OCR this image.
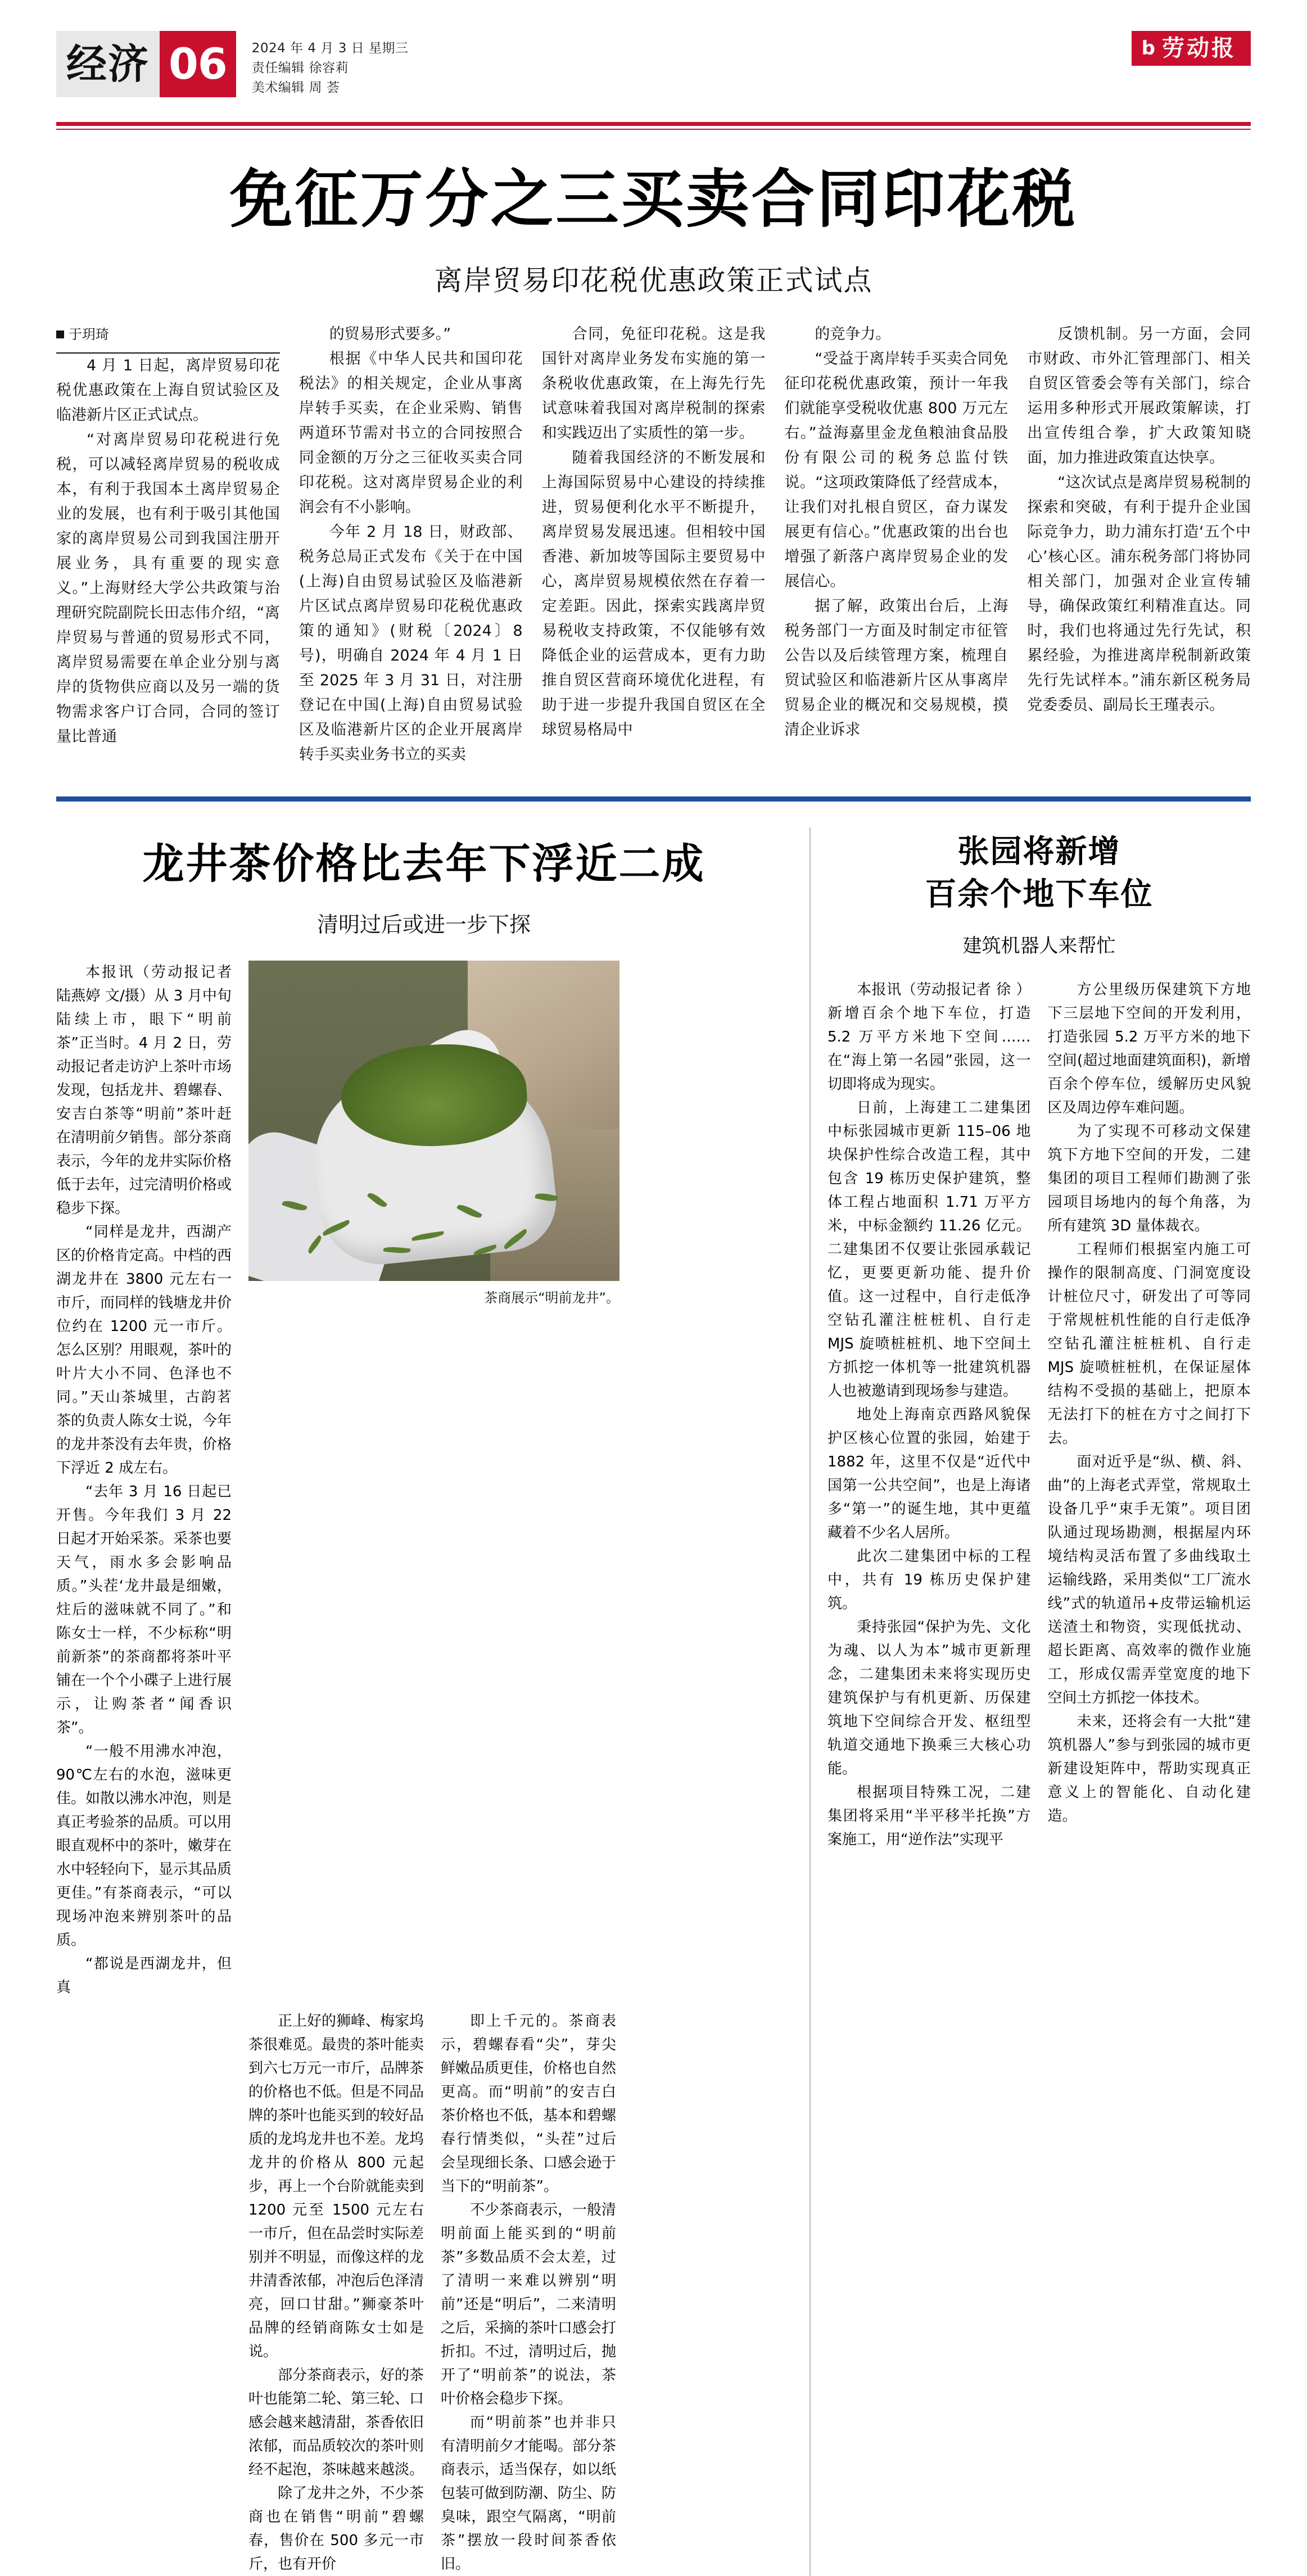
经济 06	2024 年 4 月 3 日 星期三
责任编辑 徐容莉
美术编辑 周 荟
b 劳动报
免征万分之三买卖合同印花税
离岸贸易印花税优惠政策正式试点
于玥琦

4 月 1 日起，离岸贸易印花税优惠政策在上海自贸试验区及临港新片区正式试点。

“对离岸贸易印花税进行免税，可以减轻离岸贸易的税收成本，有利于我国本土离岸贸易企业的发展，也有利于吸引其他国家的离岸贸易公司到我国注册开展业务，具有重要的现实意义。”上海财经大学公共政策与治理研究院副院长田志伟介绍，“离岸贸易与普通的贸易形式不同，离岸贸易需要在单企业分别与离岸的货物供应商以及另一端的货物需求客户订合同，合同的签订量比普通

的贸易形式要多。”

根据《中华人民共和国印花税法》的相关规定，企业从事离岸转手买卖，在企业采购、销售两道环节需对书立的合同按照合同金额的万分之三征收买卖合同印花税。这对离岸贸易企业的利润会有不小影响。

今年 2 月 18 日，财政部、税务总局正式发布《关于在中国(上海)自由贸易试验区及临港新片区试点离岸贸易印花税优惠政策的通知》(财税〔2024〕8 号)，明确自 2024 年 4 月 1 日至 2025 年 3 月 31 日，对注册登记在中国(上海)自由贸易试验区及临港新片区的企业开展离岸转手买卖业务书立的买卖

合同，免征印花税。这是我国针对离岸业务发布实施的第一条税收优惠政策，在上海先行先试意味着我国对离岸税制的探索和实践迈出了实质性的第一步。

随着我国经济的不断发展和上海国际贸易中心建设的持续推进，贸易便利化水平不断提升，离岸贸易发展迅速。但相较中国香港、新加坡等国际主要贸易中心，离岸贸易规模依然在存着一定差距。因此，探索实践离岸贸易税收支持政策，不仅能够有效降低企业的运营成本，更有力助推自贸区营商环境优化进程，有助于进一步提升我国自贸区在全球贸易格局中

的竞争力。

“受益于离岸转手买卖合同免征印花税优惠政策，预计一年我们就能享受税收优惠 800 万元左右。”益海嘉里金龙鱼粮油食品股份有限公司的税务总监付铁说。“这项政策降低了经营成本，让我们对扎根自贸区，奋力谋发展更有信心。”优惠政策的出台也增强了新落户离岸贸易企业的发展信心。

据了解，政策出台后，上海税务部门一方面及时制定市征管公告以及后续管理方案，梳理自贸试验区和临港新片区从事离岸贸易企业的概况和交易规模，摸清企业诉求

反馈机制。另一方面，会同市财政、市外汇管理部门、相关自贸区管委会等有关部门，综合运用多种形式开展政策解读，打出宣传组合拳，扩大政策知晓面，加力推进政策直达快享。

“这次试点是离岸贸易税制的探索和突破，有利于提升企业国际竞争力，助力浦东打造‘五个中心’核心区。浦东税务部门将协同相关部门，加强对企业宣传辅导，确保政策红利精准直达。同时，我们也将通过先行先试，积累经验，为推进离岸税制新政策先行先试样本。”浦东新区税务局党委委员、副局长王瑾表示。

龙井茶价格比去年下浮近二成
清明过后或进一步下探

本报讯（劳动报记者 陆燕婷 文/摄）从 3 月中旬陆续上市，眼下“明前茶”正当时。4 月 2 日，劳动报记者走访沪上茶叶市场发现，包括龙井、碧螺春、安吉白茶等“明前”茶叶赶在清明前夕销售。部分茶商表示，今年的龙井实际价格低于去年，过完清明价格或稳步下探。

“同样是龙井，西湖产区的价格肯定高。中档的西湖龙井在 3800 元左右一市斤，而同样的钱塘龙井价位约在 1200 元一市斤。怎么区别？用眼观，茶叶的叶片大小不同、色泽也不同。”天山茶城里，古韵茗茶的负责人陈女士说，今年的龙井茶没有去年贵，价格下浮近 2 成左右。

“去年 3 月 16 日起已开售。今年我们 3 月 22 日起才开始采茶。采茶也要天气，雨水多会影响品质。”头茬‘龙井最是细嫩，炷后的滋味就不同了。”和陈女士一样，不少标称“明前新茶”的茶商都将茶叶平铺在一个个小碟子上进行展示，让购茶者“闻香识茶”。

“一般不用沸水冲泡，90℃左右的水泡，滋味更佳。如散以沸水冲泡，则是真正考验茶的品质。可以用眼直观杯中的茶叶，嫩芽在水中轻轻向下，显示其品质更佳。”有茶商表示，“可以现场冲泡来辨别茶叶的品质。

“都说是西湖龙井，但真

茶商展示“明前龙井”。

正上好的狮峰、梅家坞茶很难觅。最贵的茶叶能卖到六七万元一市斤，品牌茶的价格也不低。但是不同品牌的茶叶也能买到的较好品质的龙坞龙井也不差。龙坞龙井的价格从 800 元起步，再上一个台阶就能卖到 1200 元至 1500 元左右一市斤，但在品尝时实际差别并不明显，而像这样的龙井清香浓郁，冲泡后色泽清亮，回口甘甜。”狮豪茶叶品牌的经销商陈女士如是说。

部分茶商表示，好的茶叶也能第二轮、第三轮、口感会越来越清甜，茶香依旧浓郁，而品质较次的茶叶则经不起泡，茶味越来越淡。

除了龙井之外，不少茶商也在销售“明前”碧螺春，售价在 500 多元一市斤，也有开价

即上千元的。茶商表示，碧螺春看“尖”，芽尖鲜嫩品质更佳，价格也自然更高。而“明前”的安吉白茶价格也不低，基本和碧螺春行情类似，“头茬”过后会呈现细长条、口感会逊于当下的“明前茶”。

不少茶商表示，一般清明前面上能买到的“明前茶”多数品质不会太差，过了清明一来难以辨别“明前”还是“明后”，二来清明之后，采摘的茶叶口感会打折扣。不过，清明过后，抛开了“明前茶”的说法，茶叶价格会稳步下探。

而“明前茶”也并非只有清明前夕才能喝。部分茶商表示，适当保存，如以纸包装可做到防潮、防尘、防臭味，跟空气隔离，“明前茶”摆放一段时间茶香依旧。

张园将新增
百余个地下车位
建筑机器人来帮忙

本报讯（劳动报记者 徐 ）新增百余个地下车位，打造 5.2 万平方米地下空间……在“海上第一名园”张园，这一切即将成为现实。

日前，上海建工二建集团中标张园城市更新 115–06 地块保护性综合改造工程，其中包含 19 栋历史保护建筑，整体工程占地面积 1.71 万平方米，中标金额约 11.26 亿元。二建集团不仅要让张园承载记忆，更要更新功能、提升价值。这一过程中，自行走低净空钻孔灌注桩桩机、自行走 MJS 旋喷桩桩机、地下空间土方抓挖一体机等一批建筑机器人也被邀请到现场参与建造。

地处上海南京西路风貌保护区核心位置的张园，始建于 1882 年，这里不仅是“近代中国第一公共空间”，也是上海诸多“第一”的诞生地，其中更蕴藏着不少名人居所。

此次二建集团中标的工程中，共有 19 栋历史保护建筑。

秉持张园“保护为先、文化为魂、以人为本”城市更新理念，二建集团未来将实现历史建筑保护与有机更新、历保建筑地下空间综合开发、枢纽型轨道交通地下换乘三大核心功能。

根据项目特殊工况，二建集团将采用“半平移半托换”方案施工，用“逆作法”实现平

方公里级历保建筑下方地下三层地下空间的开发利用，打造张园 5.2 万平方米的地下空间(超过地面建筑面积)，新增百余个停车位，缓解历史风貌区及周边停车难问题。

为了实现不可移动文保建筑下方地下空间的开发，二建集团的项目工程师们勘测了张园项目场地内的每个角落，为所有建筑 3D 量体裁衣。

工程师们根据室内施工可操作的限制高度、门洞宽度设计桩位尺寸，研发出了可等同于常规桩机性能的自行走低净空钻孔灌注桩桩机、自行走 MJS 旋喷桩桩机，在保证屋体结构不受损的基础上，把原本无法打下的桩在方寸之间打下去。

面对近乎是“纵、横、斜、曲”的上海老式弄堂，常规取土设备几乎“束手无策”。项目团队通过现场勘测，根据屋内环境结构灵活布置了多曲线取土运输线路，采用类似“工厂流水线”式的轨道吊+皮带运输机运送渣土和物资，实现低扰动、超长距离、高效率的微作业施工，形成仅需弄堂宽度的地下空间土方抓挖一体技术。

未来，还将会有一大批“建筑机器人”参与到张园的城市更新建设矩阵中，帮助实现真正意义上的智能化、自动化建造。
